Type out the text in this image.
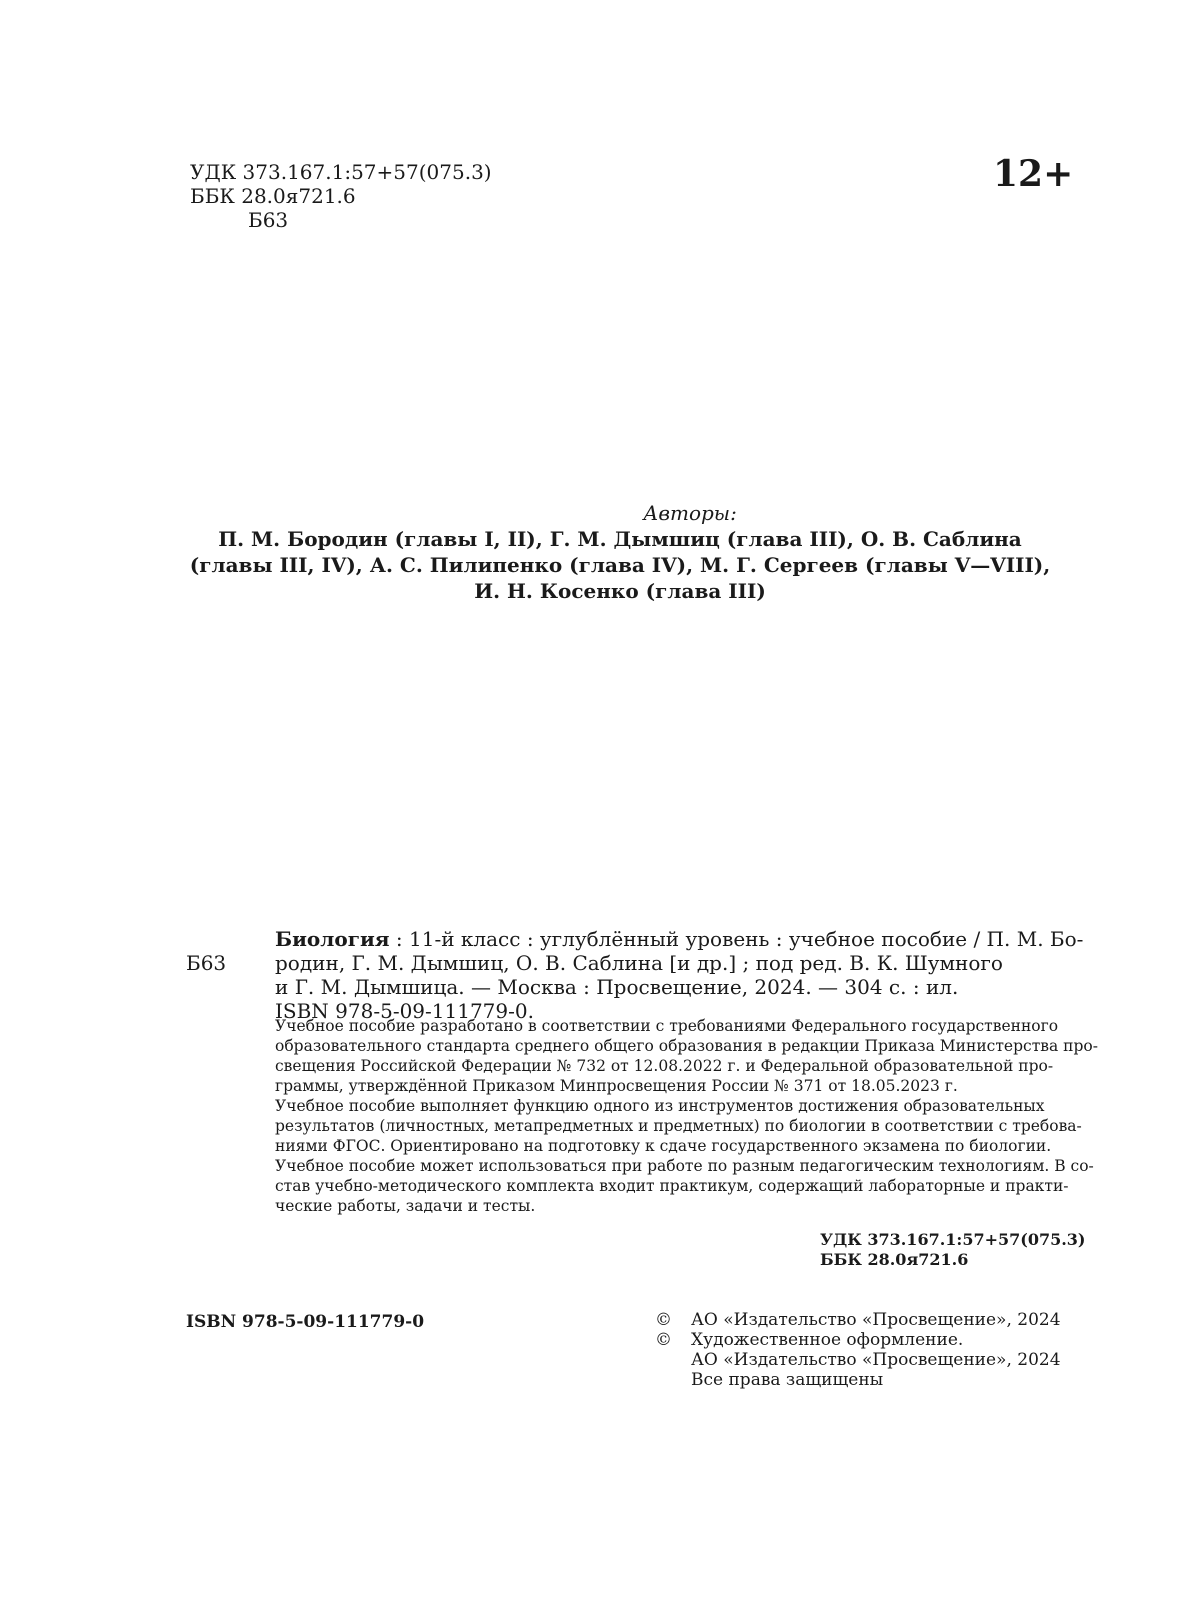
УДК 373.167.1:57+57(075.3)
ББК 28.0я721.6
Б63
12+
Авторы:
П. М. Бородин (главы I, II), Г. М. Дымшиц (глава III), О. В. Саблина
(главы III, IV), А. С. Пилипенко (глава IV), М. Г. Сергеев (главы V—VIII),
И. Н. Косенко (глава III)
Б63
Биология : 11-й класс : углублённый уровень : учебное пособие / П. М. Бо-
родин, Г. М. Дымшиц, О. В. Саблина [и др.] ; под ред. В. К. Шумного
и Г. М. Дымшица. — Москва : Просвещение, 2024. — 304 с. : ил.
ISBN 978-5-09-111779-0.

Учебное пособие разработано в соответствии с требованиями Федерального государственного
образовательного стандарта среднего общего образования в редакции Приказа Министерства про-
свещения Российской Федерации № 732 от 12.08.2022 г. и Федеральной образовательной про-
граммы, утверждённой Приказом Минпросвещения России № 371 от 18.05.2023 г.

Учебное пособие выполняет функцию одного из инструментов достижения образовательных
результатов (личностных, метапредметных и предметных) по биологии в соответствии с требова-
ниями ФГОС. Ориентировано на подготовку к сдаче государственного экзамена по биологии.
Учебное пособие может использоваться при работе по разным педагогическим технологиям. В со-
став учебно-методического комплекта входит практикум, содержащий лабораторные и практи-
ческие работы, задачи и тесты.

УДК 373.167.1:57+57(075.3)
ББК 28.0я721.6
ISBN 978-5-09-111779-0	©	АО «Издательство «Просвещение», 2024
©	Художественное оформление.
АО «Издательство «Просвещение», 2024
Все права защищены
